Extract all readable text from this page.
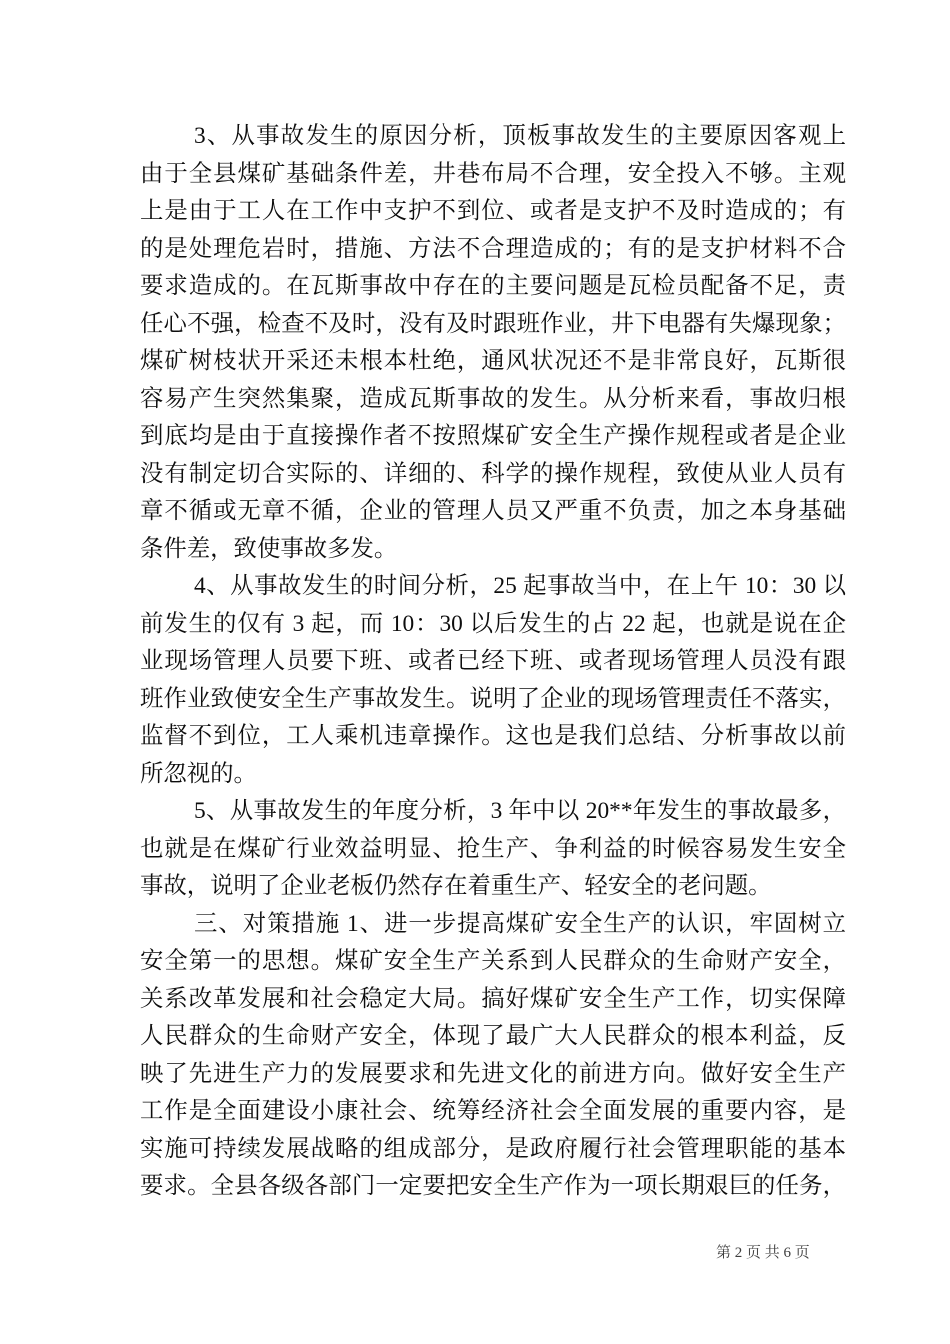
3、从事故发生的原因分析，顶板事故发生的主要原因客观上
由于全县煤矿基础条件差，井巷布局不合理，安全投入不够。主观
上是由于工人在工作中支护不到位、或者是支护不及时造成的；有
的是处理危岩时，措施、方法不合理造成的；有的是支护材料不合
要求造成的。在瓦斯事故中存在的主要问题是瓦检员配备不足，责
任心不强，检查不及时，没有及时跟班作业，井下电器有失爆现象；
煤矿树枝状开采还未根本杜绝，通风状况还不是非常良好，瓦斯很
容易产生突然集聚，造成瓦斯事故的发生。从分析来看，事故归根
到底均是由于直接操作者不按照煤矿安全生产操作规程或者是企业
没有制定切合实际的、详细的、科学的操作规程，致使从业人员有
章不循或无章不循，企业的管理人员又严重不负责，加之本身基础
条件差，致使事故多发。
4、从事故发生的时间分析，25 起事故当中，在上午 10：30 以
前发生的仅有 3 起，而 10：30 以后发生的占 22 起，也就是说在企
业现场管理人员要下班、或者已经下班、或者现场管理人员没有跟
班作业致使安全生产事故发生。说明了企业的现场管理责任不落实，
监督不到位，工人乘机违章操作。这也是我们总结、分析事故以前
所忽视的。
5、从事故发生的年度分析，3 年中以 20**年发生的事故最多，
也就是在煤矿行业效益明显、抢生产、争利益的时候容易发生安全
事故，说明了企业老板仍然存在着重生产、轻安全的老问题。
三、对策措施 1、进一步提高煤矿安全生产的认识，牢固树立
安全第一的思想。煤矿安全生产关系到人民群众的生命财产安全，
关系改革发展和社会稳定大局。搞好煤矿安全生产工作，切实保障
人民群众的生命财产安全，体现了最广大人民群众的根本利益，反
映了先进生产力的发展要求和先进文化的前进方向。做好安全生产
工作是全面建设小康社会、统筹经济社会全面发展的重要内容，是
实施可持续发展战略的组成部分，是政府履行社会管理职能的基本
要求。全县各级各部门一定要把安全生产作为一项长期艰巨的任务，
第 2 页 共 6 页
